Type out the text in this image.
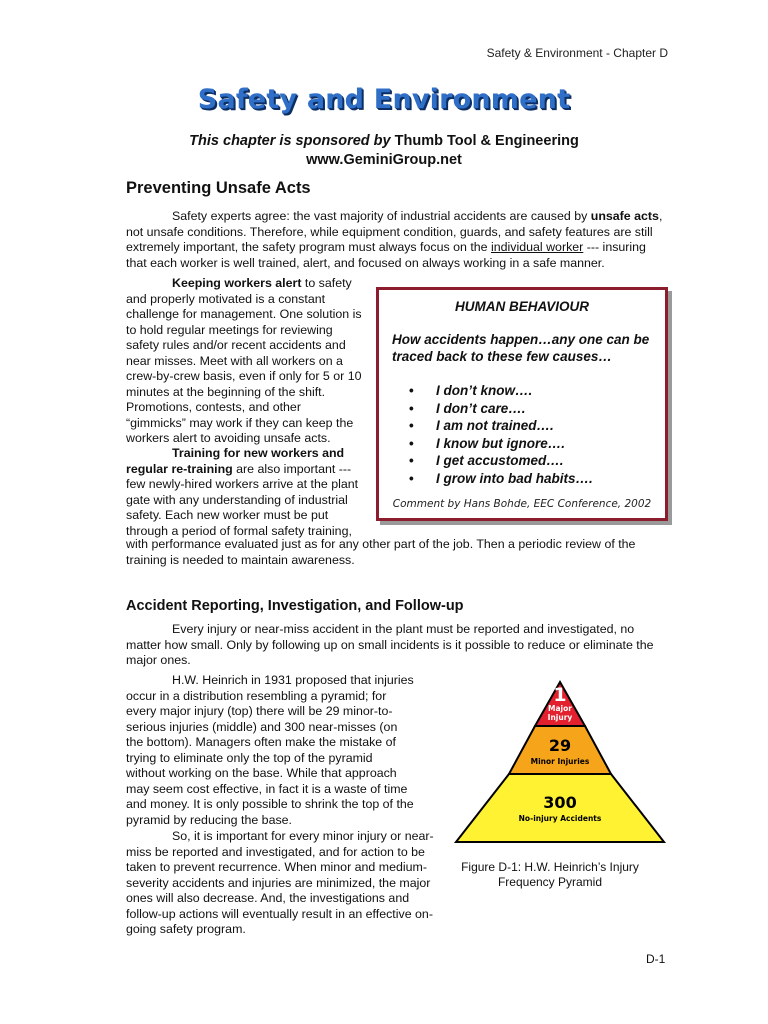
Safety & Environment - Chapter D
Safety and Environment
This chapter is sponsored by Thumb Tool & Engineering
www.GeminiGroup.net
Preventing Unsafe Acts
Safety experts agree: the vast majority of industrial accidents are caused by unsafe acts, not unsafe conditions. Therefore, while equipment condition, guards, and safety features are still extremely important, the safety program must always focus on the individual worker --- insuring that each worker is well trained, alert, and focused on always working in a safe manner.
Keeping workers alert to safety and properly motivated is a constant challenge for management. One solution is to hold regular meetings for reviewing safety rules and/or recent accidents and near misses. Meet with all workers on a crew-by-crew basis, even if only for 5 or 10 minutes at the beginning of the shift. Promotions, contests, and other “gimmicks” may work if they can keep the workers alert to avoiding unsafe acts.
Training for new workers and regular re-training are also important --- few newly-hired workers arrive at the plant gate with any understanding of industrial safety. Each new worker must be put through a period of formal safety training,
with performance evaluated just as for any other part of the job. Then a periodic review of the training is needed to maintain awareness.
HUMAN BEHAVIOUR
How accidents happen…any one can be traced back to these few causes…
• I don’t know….
• I don’t care….
• I am not trained….
• I know but ignore….
• I get accustomed….
• I grow into bad habits….
Comment by Hans Bohde, EEC Conference, 2002
Accident Reporting, Investigation, and Follow-up
Every injury or near-miss accident in the plant must be reported and investigated, no matter how small. Only by following up on small incidents is it possible to reduce or eliminate the major ones.
H.W. Heinrich in 1931 proposed that injuries occur in a distribution resembling a pyramid; for every major injury (top) there will be 29 minor-to-serious injuries (middle) and 300 near-misses (on the bottom). Managers often make the mistake of trying to eliminate only the top of the pyramid without working on the base. While that approach may seem cost effective, in fact it is a waste of time and money. It is only possible to shrink the top of the pyramid by reducing the base.
So, it is important for every minor injury or near-miss be reported and investigated, and for action to be taken to prevent recurrence. When minor and medium-severity accidents and injuries are minimized, the major ones will also decrease. And, the investigations and follow-up actions will eventually result in an effective on-going safety program.
1
Major
Injury
29
Minor Injuries
300
No-injury Accidents
Figure D-1: H.W. Heinrich’s Injury Frequency Pyramid
D-1
